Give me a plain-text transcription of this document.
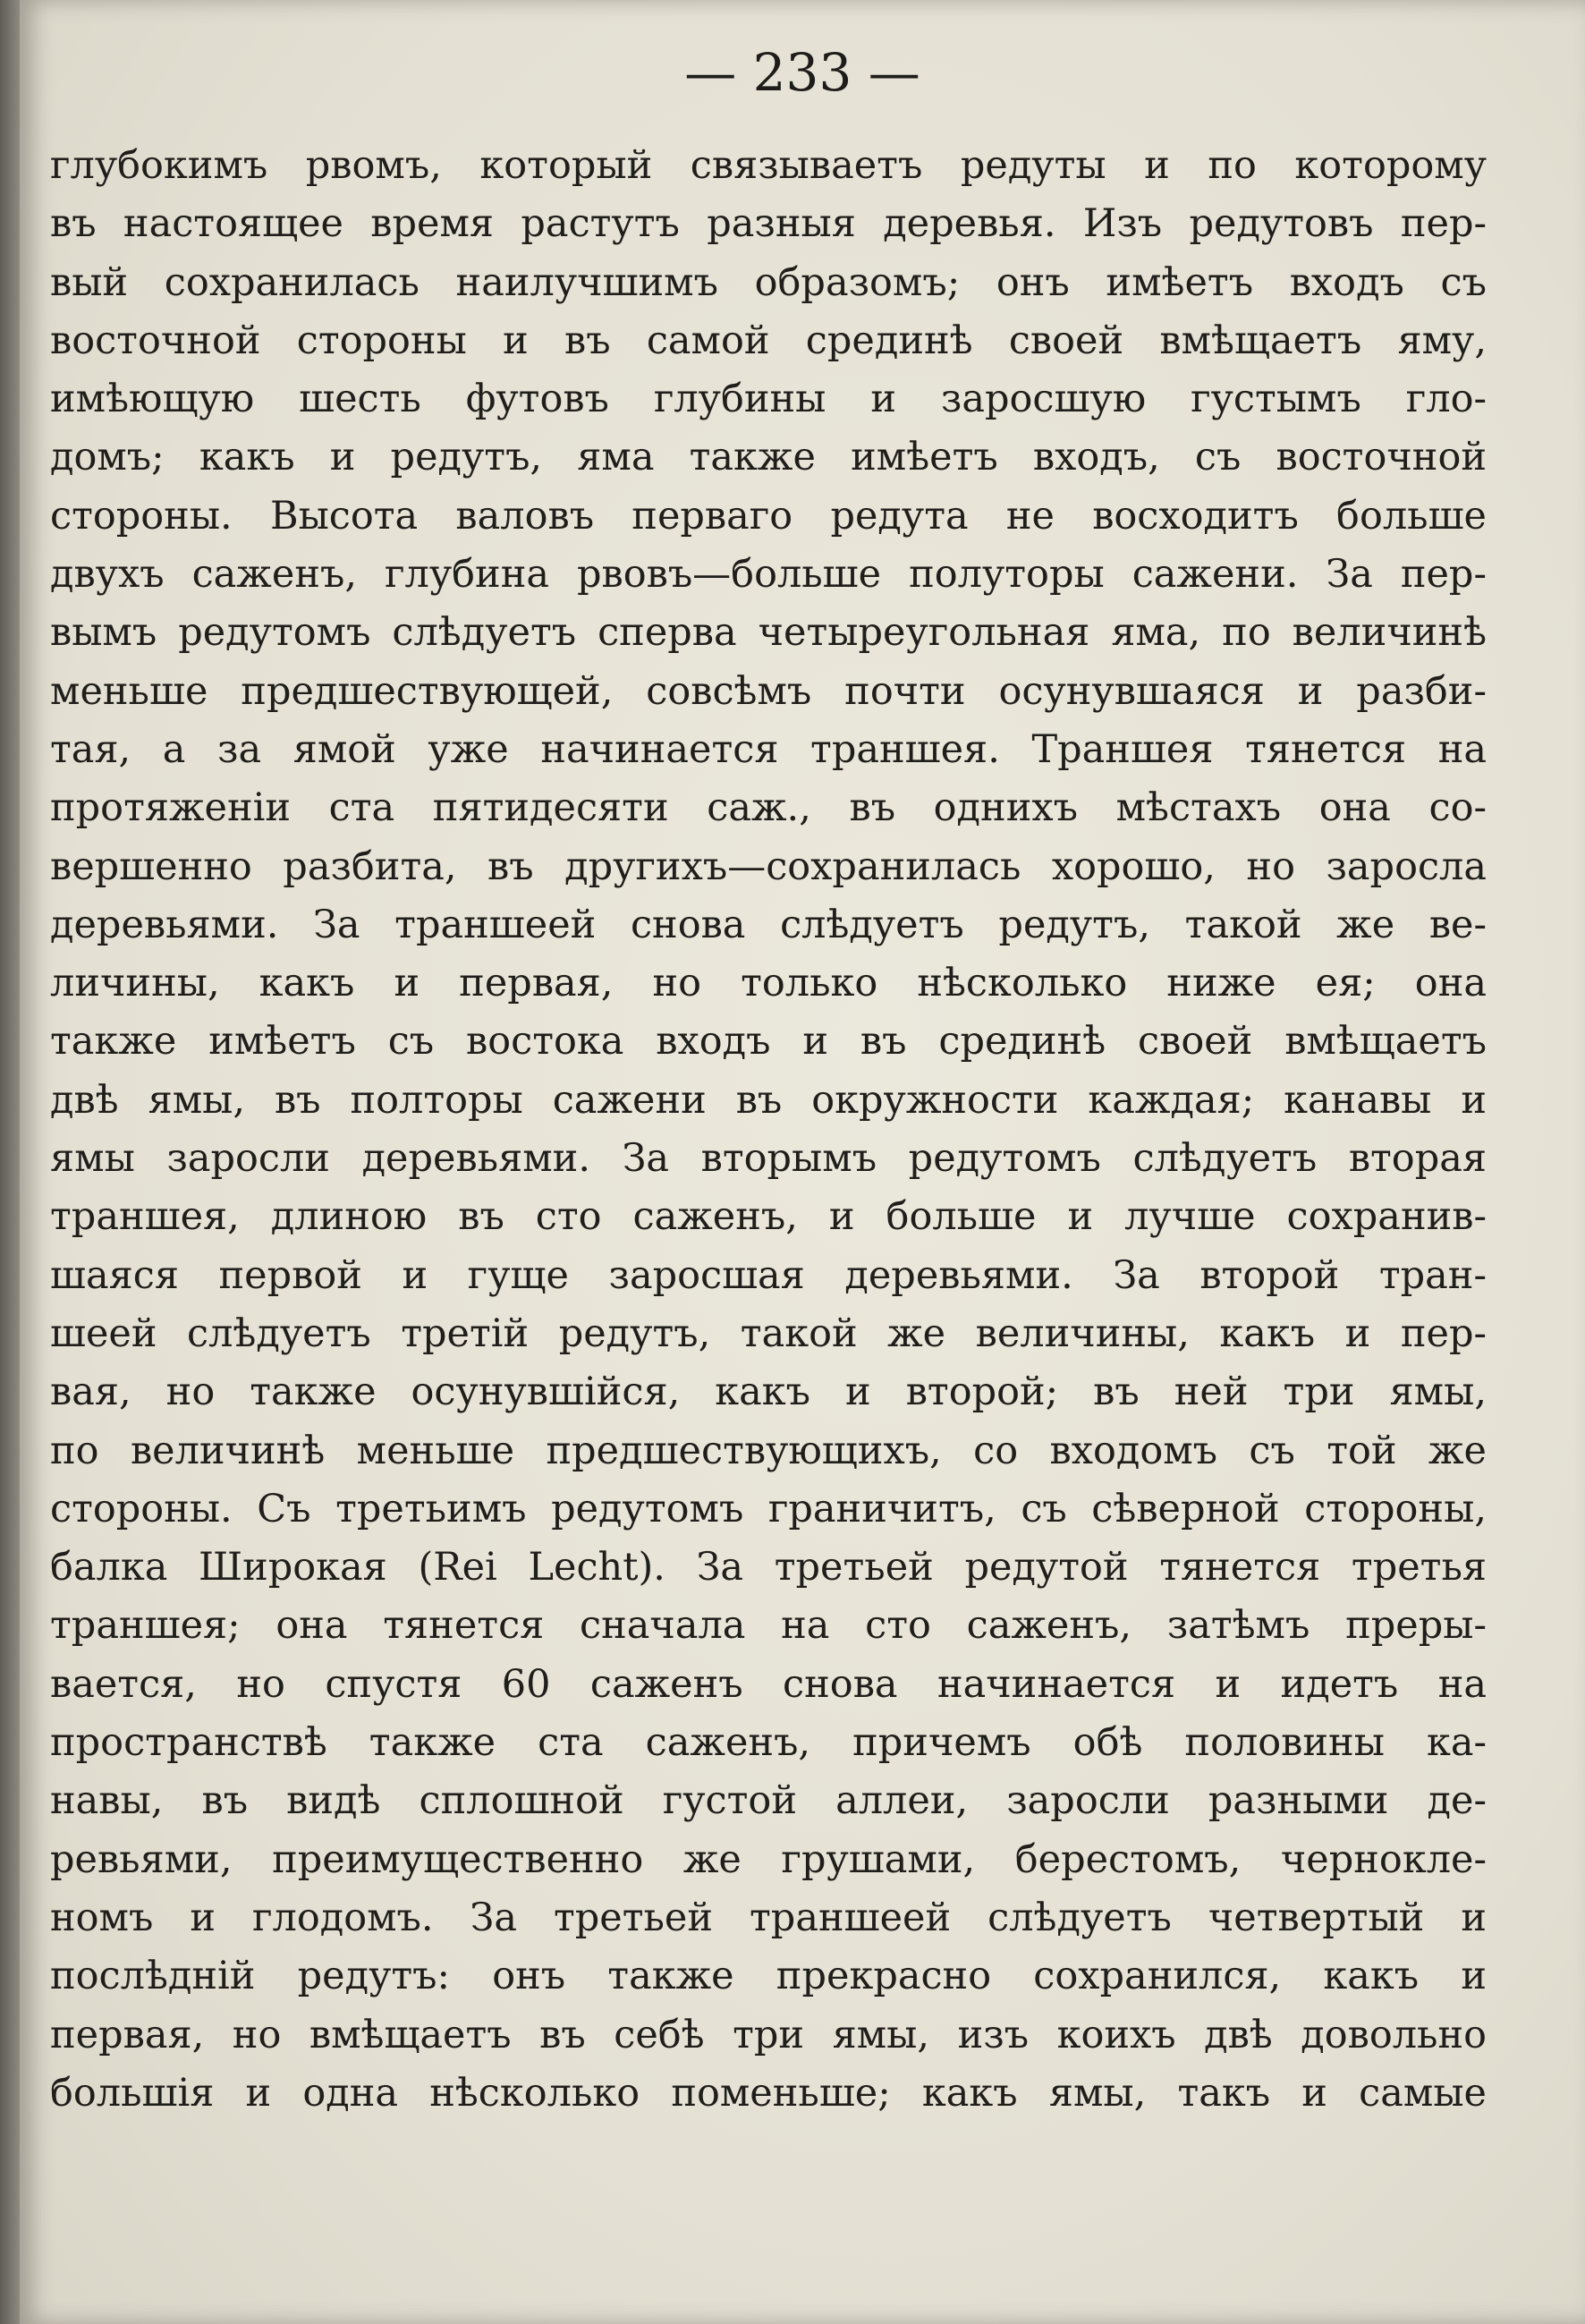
— 233 —
глубокимъ рвомъ, который связываетъ редуты и по которому
въ настоящее время растутъ разныя деревья. Изъ редутовъ пер-
вый сохранилась наилучшимъ образомъ; онъ имѣетъ входъ съ
восточной стороны и въ самой срединѣ своей вмѣщаетъ яму,
имѣющую шесть футовъ глубины и заросшую густымъ гло-
домъ; какъ и редутъ, яма также имѣетъ входъ, съ восточной
стороны. Высота валовъ перваго редута не восходитъ больше
двухъ саженъ, глубина рвовъ—больше полуторы сажени. За пер-
вымъ редутомъ слѣдуетъ сперва четыреугольная яма, по величинѣ
меньше предшествующей, совсѣмъ почти осунувшаяся и разби-
тая, а за ямой уже начинается траншея. Траншея тянется на
протяженіи ста пятидесяти саж., въ однихъ мѣстахъ она со-
вершенно разбита, въ другихъ—сохранилась хорошо, но заросла
деревьями. За траншеей снова слѣдуетъ редутъ, такой же ве-
личины, какъ и первая, но только нѣсколько ниже ея; она
также имѣетъ съ востока входъ и въ срединѣ своей вмѣщаетъ
двѣ ямы, въ полторы сажени въ окружности каждая; канавы и
ямы заросли деревьями. За вторымъ редутомъ слѣдуетъ вторая
траншея, длиною въ сто саженъ, и больше и лучше сохранив-
шаяся первой и гуще заросшая деревьями. За второй тран-
шеей слѣдуетъ третій редутъ, такой же величины, какъ и пер-
вая, но также осунувшійся, какъ и второй; въ ней три ямы,
по величинѣ меньше предшествующихъ, со входомъ съ той же
стороны. Съ третьимъ редутомъ граничитъ, съ сѣверной стороны,
балка Широкая (Rei Lecht). За третьей редутой тянется третья
траншея; она тянется сначала на сто саженъ, затѣмъ преры-
вается, но спустя 60 саженъ снова начинается и идетъ на
пространствѣ также ста саженъ, причемъ обѣ половины ка-
навы, въ видѣ сплошной густой аллеи, заросли разными де-
ревьями, преимущественно же грушами, берестомъ, чернокле-
номъ и глодомъ. За третьей траншеей слѣдуетъ четвертый и
послѣдній редутъ: онъ также прекрасно сохранился, какъ и
первая, но вмѣщаетъ въ себѣ три ямы, изъ коихъ двѣ довольно
большія и одна нѣсколько поменьше; какъ ямы, такъ и самые
